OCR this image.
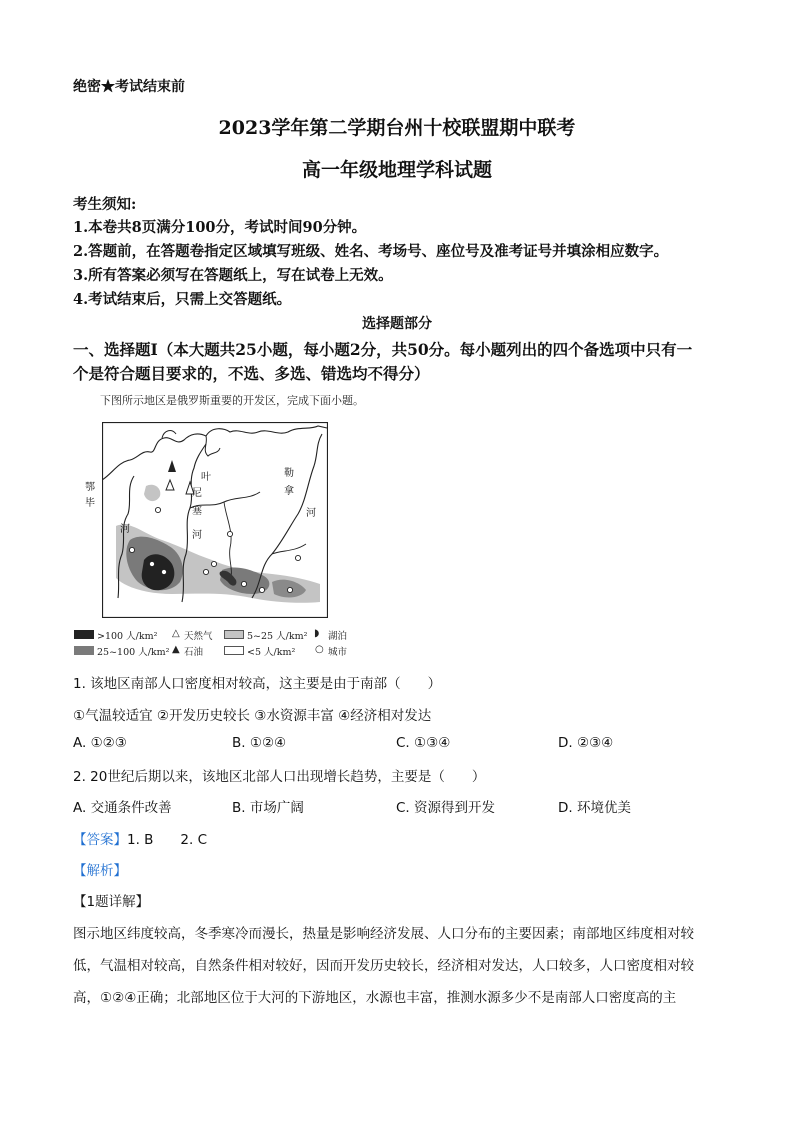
绝密★考试结束前
2023学年第二学期台州十校联盟期中联考
高一年级地理学科试题
考生须知:
1.本卷共8页满分100分，考试时间90分钟。
2.答题前，在答题卷指定区域填写班级、姓名、考场号、座位号及准考证号并填涂相应数字。
3.所有答案必须写在答题纸上，写在试卷上无效。
4.考试结束后，只需上交答题纸。
选择题部分
一、选择题Ⅰ（本大题共25小题，每小题2分，共50分。每小题列出的四个备选项中只有一
个是符合题目要求的，不选、多选、错选均不得分）
下图所示地区是俄罗斯重要的开发区，完成下面小题。
鄂
毕
河
叶
尼
塞
河
勒
拿
河
>100 人/km²
25~100 人/km²
△ 天然气
▲ 石油
5~25 人/km²
<5 人/km²
◗ 湖泊
○ 城市
1. 该地区南部人口密度相对较高，这主要是由于南部（　　）
①气温较适宜 ②开发历史较长 ③水资源丰富 ④经济相对发达
A. ①②③	B. ①②④	C. ①③④	D. ②③④
2. 20世纪后期以来，该地区北部人口出现增长趋势，主要是（　　）
A. 交通条件改善	B. 市场广阔	C. 资源得到开发	D. 环境优美
【答案】1. B　　2. C
【解析】
【1题详解】
图示地区纬度较高，冬季寒冷而漫长，热量是影响经济发展、人口分布的主要因素；南部地区纬度相对较
低，气温相对较高，自然条件相对较好，因而开发历史较长，经济相对发达，人口较多，人口密度相对较
高，①②④正确；北部地区位于大河的下游地区，水源也丰富，推测水源多少不是南部人口密度高的主
